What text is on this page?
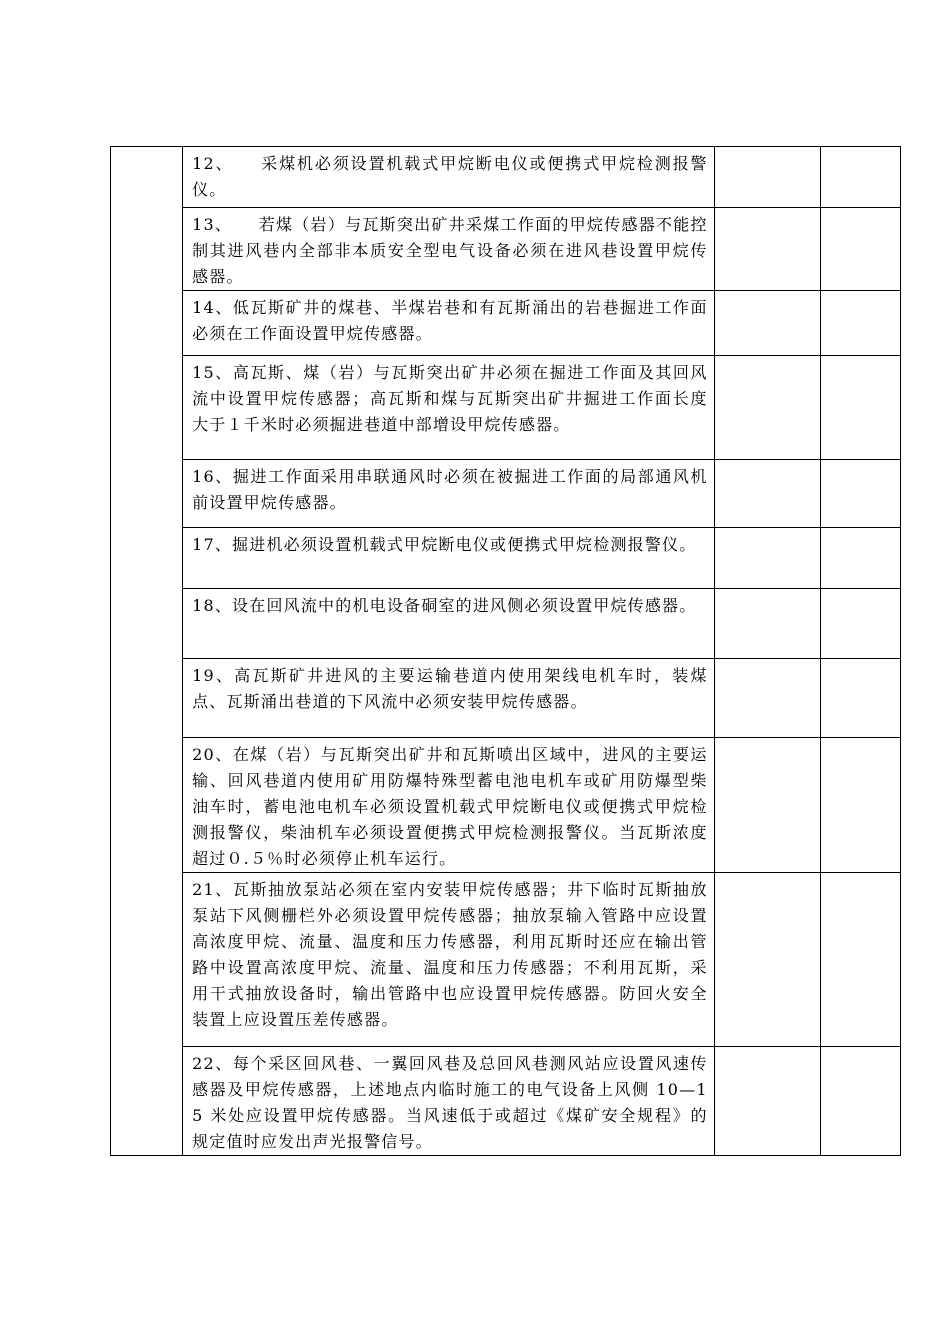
	12、　　采煤机必须设置机载式甲烷断电仪或便携式甲烷检测报警仪。		

	13、　　若煤（岩）与瓦斯突出矿井采煤工作面的甲烷传感器不能控制其进风巷内全部非本质安全型电气设备必须在进风巷设置甲烷传感器。		

	14、低瓦斯矿井的煤巷、半煤岩巷和有瓦斯涌出的岩巷掘进工作面必须在工作面设置甲烷传感器。		

	15、高瓦斯、煤（岩）与瓦斯突出矿井必须在掘进工作面及其回风流中设置甲烷传感器；高瓦斯和煤与瓦斯突出矿井掘进工作面长度大于１千米时必须掘进巷道中部增设甲烷传感器。		

	16、掘进工作面采用串联通风时必须在被掘进工作面的局部通风机前设置甲烷传感器。		

	17、掘进机必须设置机载式甲烷断电仪或便携式甲烷检测报警仪。		

	18、设在回风流中的机电设备硐室的进风侧必须设置甲烷传感器。		

	19、高瓦斯矿井进风的主要运输巷道内使用架线电机车时，装煤点、瓦斯涌出巷道的下风流中必须安装甲烷传感器。		

	20、在煤（岩）与瓦斯突出矿井和瓦斯喷出区域中，进风的主要运输、回风巷道内使用矿用防爆特殊型蓄电池电机车或矿用防爆型柴油车时，蓄电池电机车必须设置机载式甲烷断电仪或便携式甲烷检测报警仪，柴油机车必须设置便携式甲烷检测报警仪。当瓦斯浓度超过０.５％时必须停止机车运行。		

	21、瓦斯抽放泵站必须在室内安装甲烷传感器；井下临时瓦斯抽放泵站下风侧栅栏外必须设置甲烷传感器；抽放泵输入管路中应设置高浓度甲烷、流量、温度和压力传感器，利用瓦斯时还应在输出管路中设置高浓度甲烷、流量、温度和压力传感器；不利用瓦斯，采用干式抽放设备时，输出管路中也应设置甲烷传感器。防回火安全装置上应设置压差传感器。		

	22、每个采区回风巷、一翼回风巷及总回风巷测风站应设置风速传感器及甲烷传感器，上述地点内临时施工的电气设备上风侧 10—15 米处应设置甲烷传感器。当风速低于或超过《煤矿安全规程》的规定值时应发出声光报警信号。		
